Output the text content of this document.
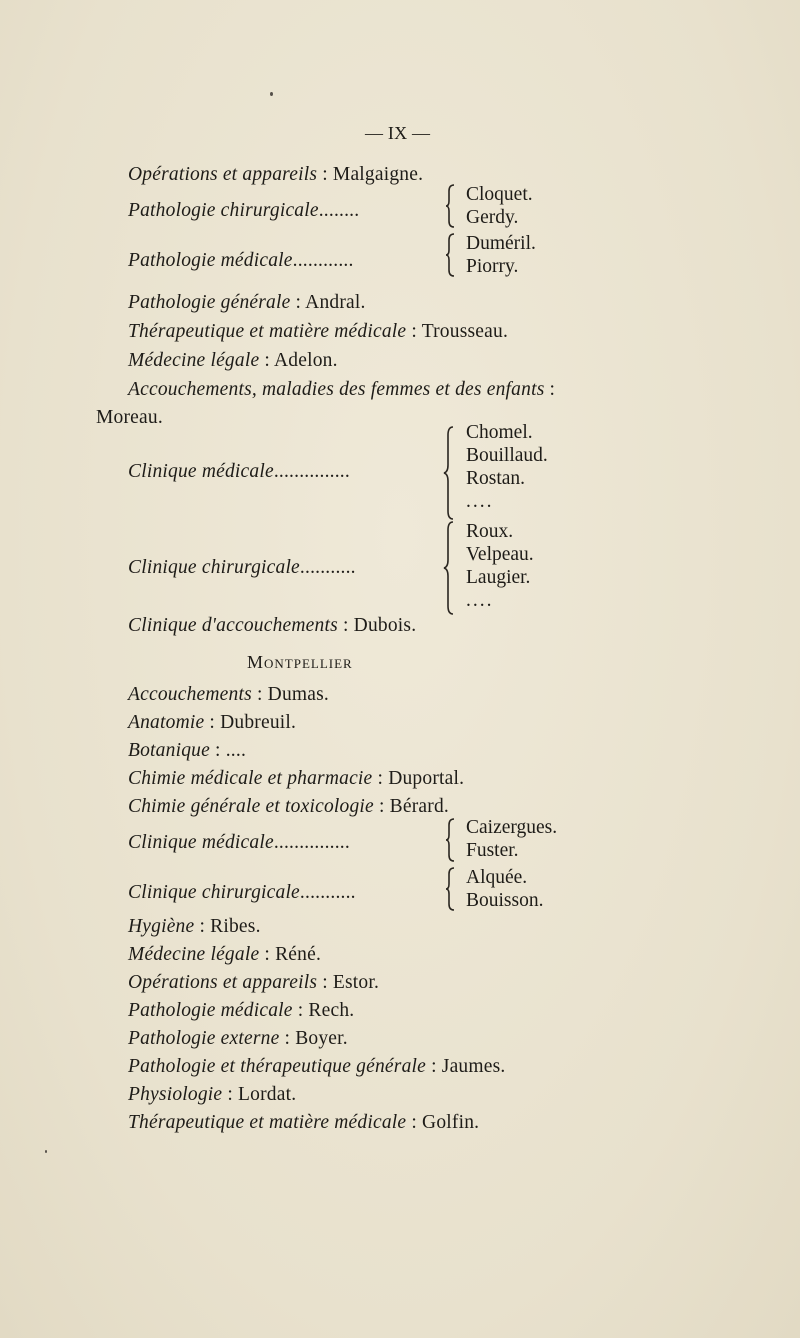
— IX —
Opérations et appareils : Malgaigne.
Pathologie chirurgicale........
Cloquet.
Gerdy.
Pathologie médicale............
Duméril.
Piorry.
Pathologie générale : Andral.
Thérapeutique et matière médicale : Trousseau.
Médecine légale : Adelon.
Accouchements, maladies des femmes et des enfants :
Moreau.
Clinique médicale...............
Chomel.
Bouillaud.
Rostan.
....
Clinique chirurgicale...........
Roux.
Velpeau.
Laugier.
....
Clinique d'accouchements : Dubois.
Montpellier
Accouchements : Dumas.
Anatomie : Dubreuil.
Botanique : ....
Chimie médicale et pharmacie : Duportal.
Chimie générale et toxicologie : Bérard.
Clinique médicale...............
Caizergues.
Fuster.
Clinique chirurgicale...........
Alquée.
Bouisson.
Hygiène : Ribes.
Médecine légale : Réné.
Opérations et appareils : Estor.
Pathologie médicale : Rech.
Pathologie externe : Boyer.
Pathologie et thérapeutique générale : Jaumes.
Physiologie : Lordat.
Thérapeutique et matière médicale : Golfin.
